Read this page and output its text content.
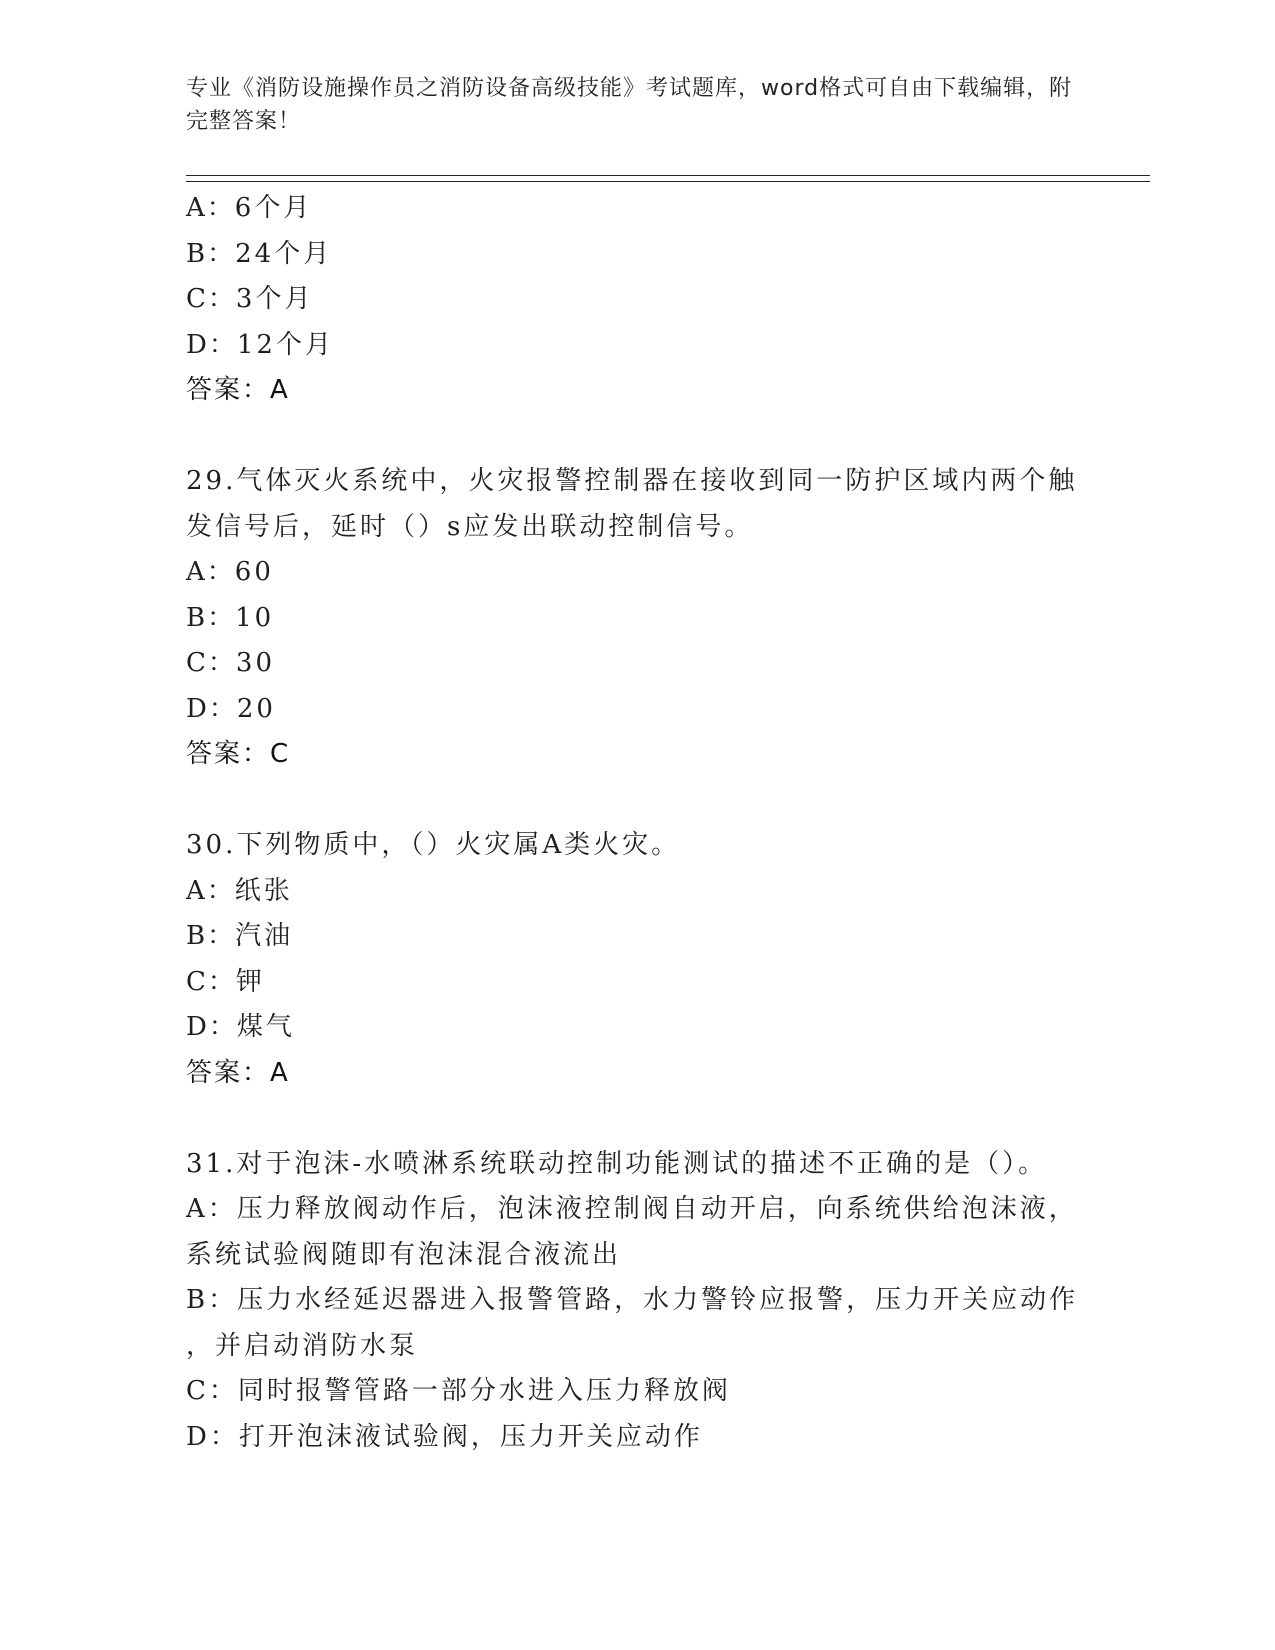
专业《消防设施操作员之消防设备高级技能》考试题库，word格式可自由下载编辑，附完整答案！
A：6个月
B：24个月
C：3个月
D：12个月
答案：A
29.气体灭火系统中，火灾报警控制器在接收到同一防护区域内两个触
发信号后，延时（）s应发出联动控制信号。
A：60
B：10
C：30
D：20
答案：C
30.下列物质中，（）火灾属A类火灾。
A：纸张
B：汽油
C：钾
D：煤气
答案：A
31.对于泡沫-水喷淋系统联动控制功能测试的描述不正确的是（）。
A：压力释放阀动作后，泡沫液控制阀自动开启，向系统供给泡沫液，
系统试验阀随即有泡沫混合液流出
B：压力水经延迟器进入报警管路，水力警铃应报警，压力开关应动作
，并启动消防水泵
C：同时报警管路一部分水进入压力释放阀
D：打开泡沫液试验阀，压力开关应动作
